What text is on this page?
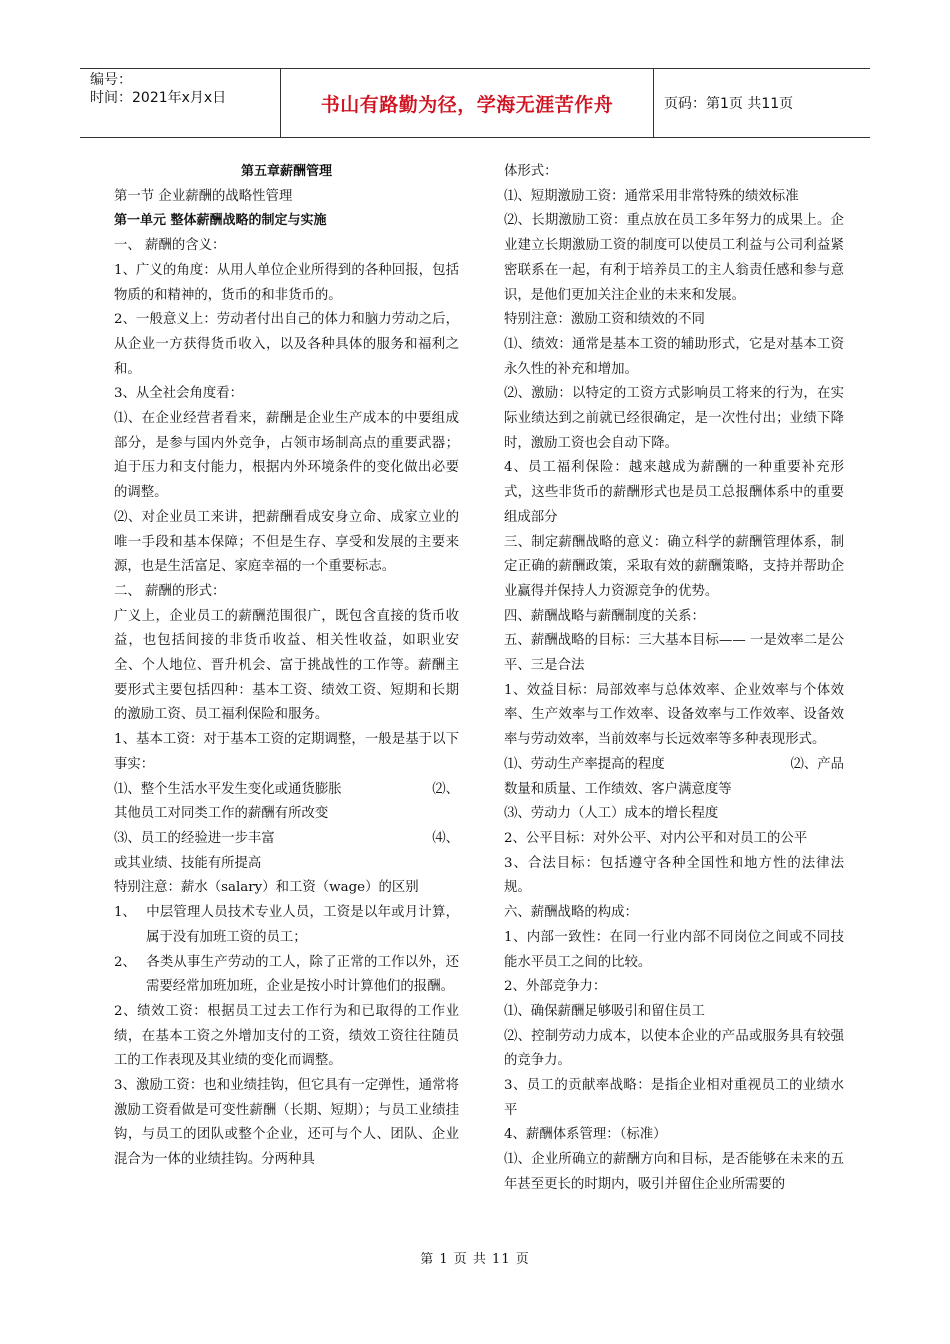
编号：
时间：2021年x月x日	书山有路勤为径，学海无涯苦作舟	页码：第1页 共11页

第五章薪酬管理

第一节 企业薪酬的战略性管理

第一单元 整体薪酬战略的制定与实施

一、 薪酬的含义：

1、广义的角度：从用人单位企业所得到的各种回报，包括物质的和精神的，货币的和非货币的。

2、一般意义上：劳动者付出自己的体力和脑力劳动之后，从企业一方获得货币收入，以及各种具体的服务和福利之和。

3、从全社会角度看：

⑴、在企业经营者看来，薪酬是企业生产成本的中要组成部分，是参与国内外竞争，占领市场制高点的重要武器；迫于压力和支付能力，根据内外环境条件的变化做出必要的调整。

⑵、对企业员工来讲，把薪酬看成安身立命、成家立业的唯一手段和基本保障；不但是生存、享受和发展的主要来源，也是生活富足、家庭幸福的一个重要标志。

二、 薪酬的形式：

广义上，企业员工的薪酬范围很广，既包含直接的货币收益，也包括间接的非货币收益、相关性收益，如职业安全、个人地位、晋升机会、富于挑战性的工作等。薪酬主要形式主要包括四种：基本工资、绩效工资、短期和长期的激励工资、员工福利保险和服务。

1、基本工资：对于基本工资的定期调整，一般是基于以下事实：

⑴、整个生活水平发生变化或通货膨胀	⑵、

其他员工对同类工作的薪酬有所改变

⑶、员工的经验进一步丰富	⑷、

或其业绩、技能有所提高

特别注意：薪水（salary）和工资（wage）的区别

1、 中层管理人员技术专业人员，工资是以年或月计算，属于没有加班工资的员工；

2、 各类从事生产劳动的工人，除了正常的工作以外，还需要经常加班加班，企业是按小时计算他们的报酬。

2、绩效工资：根据员工过去工作行为和已取得的工作业绩，在基本工资之外增加支付的工资，绩效工资往往随员工的工作表现及其业绩的变化而调整。

3、激励工资：也和业绩挂钩，但它具有一定弹性，通常将激励工资看做是可变性薪酬（长期、短期）；与员工业绩挂钩，与员工的团队或整个企业，还可与个人、团队、企业混合为一体的业绩挂钩。分两种具

体形式：

⑴、短期激励工资：通常采用非常特殊的绩效标准

⑵、长期激励工资：重点放在员工多年努力的成果上。企业建立长期激励工资的制度可以使员工利益与公司利益紧密联系在一起，有利于培养员工的主人翁责任感和参与意识，是他们更加关注企业的未来和发展。

特别注意：激励工资和绩效的不同

⑴、绩效：通常是基本工资的辅助形式，它是对基本工资永久性的补充和增加。

⑵、激励：以特定的工资方式影响员工将来的行为，在实际业绩达到之前就已经很确定，是一次性付出；业绩下降时，激励工资也会自动下降。

4、员工福利保险：越来越成为薪酬的一种重要补充形式，这些非货币的薪酬形式也是员工总报酬体系中的重要组成部分

三、制定薪酬战略的意义：确立科学的薪酬管理体系，制定正确的薪酬政策，采取有效的薪酬策略，支持并帮助企业赢得并保持人力资源竞争的优势。

四、薪酬战略与薪酬制度的关系：

五、薪酬战略的目标：三大基本目标—— 一是效率二是公平、三是合法

1、效益目标：局部效率与总体效率、企业效率与个体效率、生产效率与工作效率、设备效率与工作效率、设备效率与劳动效率，当前效率与长远效率等多种表现形式。

⑴、劳动生产率提高的程度	⑵、产品

数量和质量、工作绩效、客户满意度等

⑶、劳动力（人工）成本的增长程度

2、公平目标：对外公平、对内公平和对员工的公平

3、合法目标：包括遵守各种全国性和地方性的法律法规。

六、薪酬战略的构成：

1、内部一致性：在同一行业内部不同岗位之间或不同技能水平员工之间的比较。

2、外部竞争力：

⑴、确保薪酬足够吸引和留住员工

⑵、控制劳动力成本，以使本企业的产品或服务具有较强的竞争力。

3、员工的贡献率战略：是指企业相对重视员工的业绩水平

4、薪酬体系管理：（标准）

⑴、企业所确立的薪酬方向和目标，是否能够在未来的五年甚至更长的时期内，吸引并留住企业所需要的

第 1 页 共 11 页
